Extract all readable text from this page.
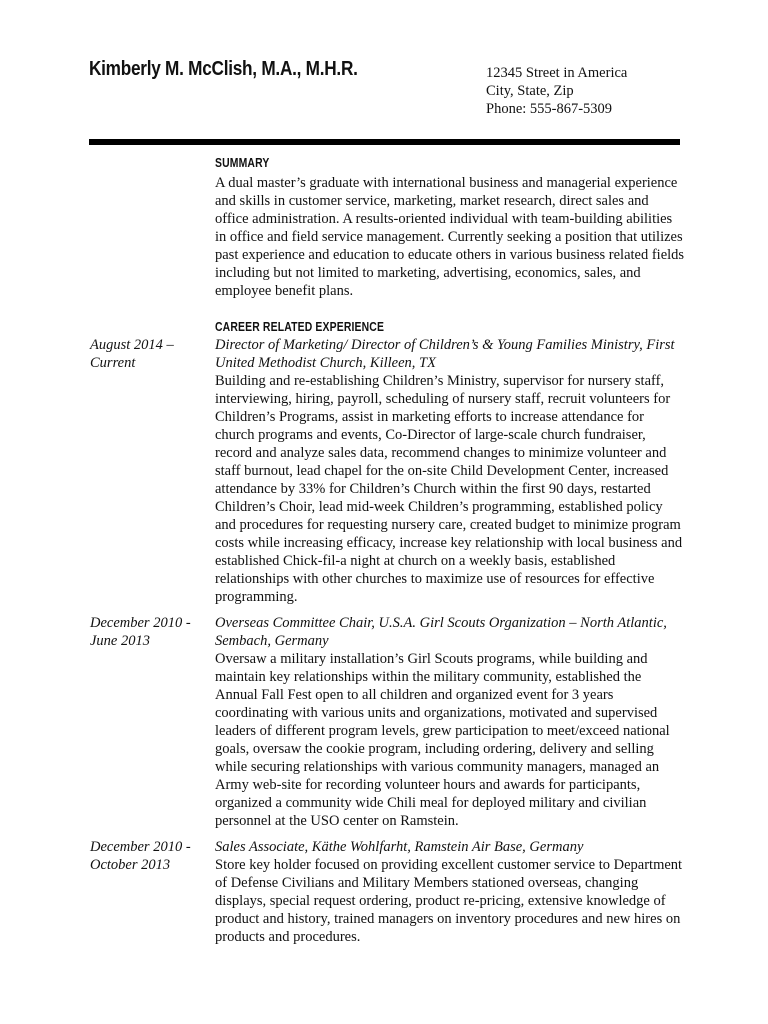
Kimberly M. McClish, M.A., M.H.R.	12345 Street in America
City, State, Zip
Phone: 555-867-5309
SUMMARY

A dual master’s graduate with international business and managerial experience and skills in customer service, marketing, market research, direct sales and office administration. A results-oriented individual with team-building abilities in office and field service management. Currently seeking a position that utilizes past experience and education to educate others in various business related fields including but not limited to marketing, advertising, economics, sales, and employee benefit plans.

CAREER RELATED EXPERIENCE
August 2014 –
Current

Director of Marketing/ Director of Children’s & Young Families Ministry, First United Methodist Church, Killeen, TX

Building and re-establishing Children’s Ministry, supervisor for nursery staff, interviewing, hiring, payroll, scheduling of nursery staff, recruit volunteers for Children’s Programs, assist in marketing efforts to increase attendance for church programs and events, Co-Director of large-scale church fundraiser, record and analyze sales data, recommend changes to minimize volunteer and staff burnout, lead chapel for the on-site Child Development Center, increased attendance by 33% for Children’s Church within the first 90 days, restarted Children’s Choir, lead mid-week Children’s programming, established policy and procedures for requesting nursery care, created budget to minimize program costs while increasing efficacy, increase key relationship with local business and established Chick-fil-a night at church on a weekly basis, established relationships with other churches to maximize use of resources for effective programming.

December 2010 -
June 2013

Overseas Committee Chair, U.S.A. Girl Scouts Organization – North Atlantic, Sembach, Germany

Oversaw a military installation’s Girl Scouts programs, while building and maintain key relationships within the military community, established the Annual Fall Fest open to all children and organized event for 3 years coordinating with various units and organizations, motivated and supervised leaders of different program levels, grew participation to meet/exceed national goals, oversaw the cookie program, including ordering, delivery and selling while securing relationships with various community managers, managed an Army web-site for recording volunteer hours and awards for participants, organized a community wide Chili meal for deployed military and civilian personnel at the USO center on Ramstein.

December 2010 -
October 2013

Sales Associate, Käthe Wohlfarht, Ramstein Air Base, Germany

Store key holder focused on providing excellent customer service to Department of Defense Civilians and Military Members stationed overseas, changing displays, special request ordering, product re-pricing, extensive knowledge of product and history, trained managers on inventory procedures and new hires on products and procedures.
